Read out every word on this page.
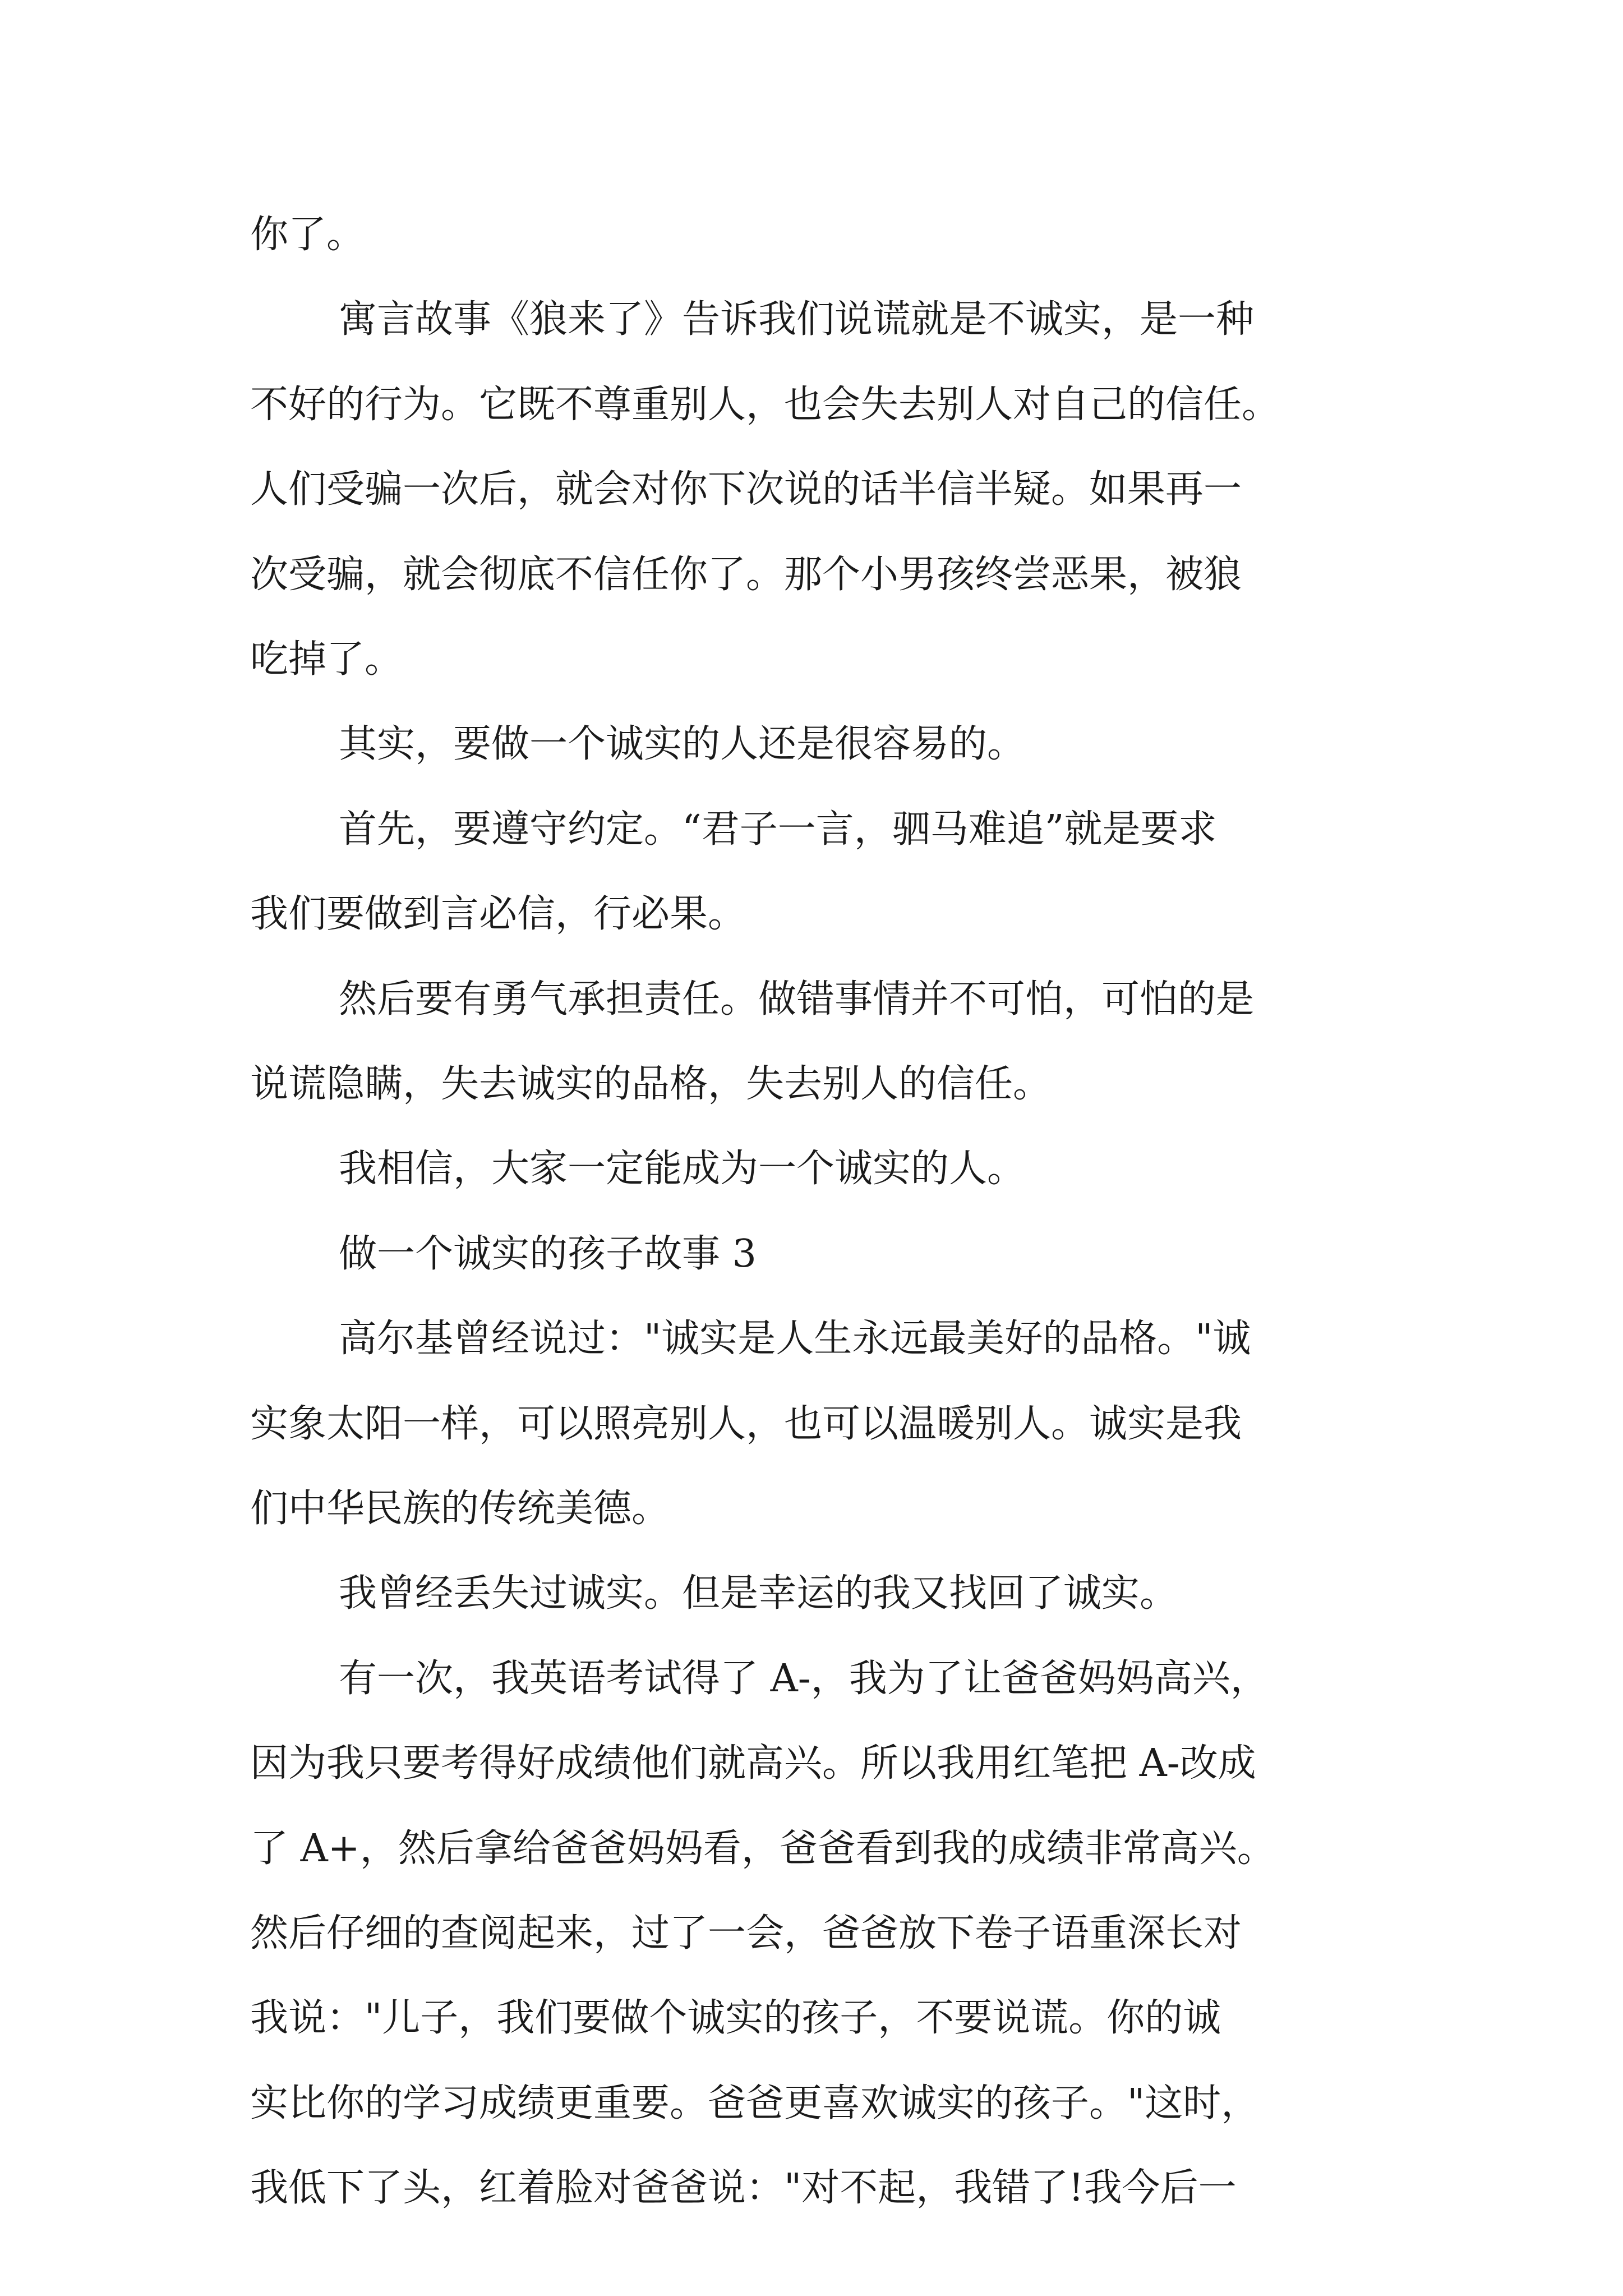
你了。
寓言故事《狼来了》告诉我们说谎就是不诚实，是一种
不好的行为。它既不尊重别人，也会失去别人对自己的信任。
人们受骗一次后，就会对你下次说的话半信半疑。如果再一
次受骗，就会彻底不信任你了。那个小男孩终尝恶果，被狼
吃掉了。
其实，要做一个诚实的人还是很容易的。
首先，要遵守约定。“君子一言，驷马难追”就是要求
我们要做到言必信，行必果。
然后要有勇气承担责任。做错事情并不可怕，可怕的是
说谎隐瞒，失去诚实的品格，失去别人的信任。
我相信，大家一定能成为一个诚实的人。
做一个诚实的孩子故事 3
高尔基曾经说过："诚实是人生永远最美好的品格。"诚
实象太阳一样，可以照亮别人，也可以温暖别人。诚实是我
们中华民族的传统美德。
我曾经丢失过诚实。但是幸运的我又找回了诚实。
有一次，我英语考试得了 A-，我为了让爸爸妈妈高兴，
因为我只要考得好成绩他们就高兴。所以我用红笔把 A-改成
了 A+，然后拿给爸爸妈妈看，爸爸看到我的成绩非常高兴。
然后仔细的查阅起来，过了一会，爸爸放下卷子语重深长对
我说："儿子，我们要做个诚实的孩子，不要说谎。你的诚
实比你的学习成绩更重要。爸爸更喜欢诚实的孩子。"这时，
我低下了头，红着脸对爸爸说："对不起，我错了!我今后一
